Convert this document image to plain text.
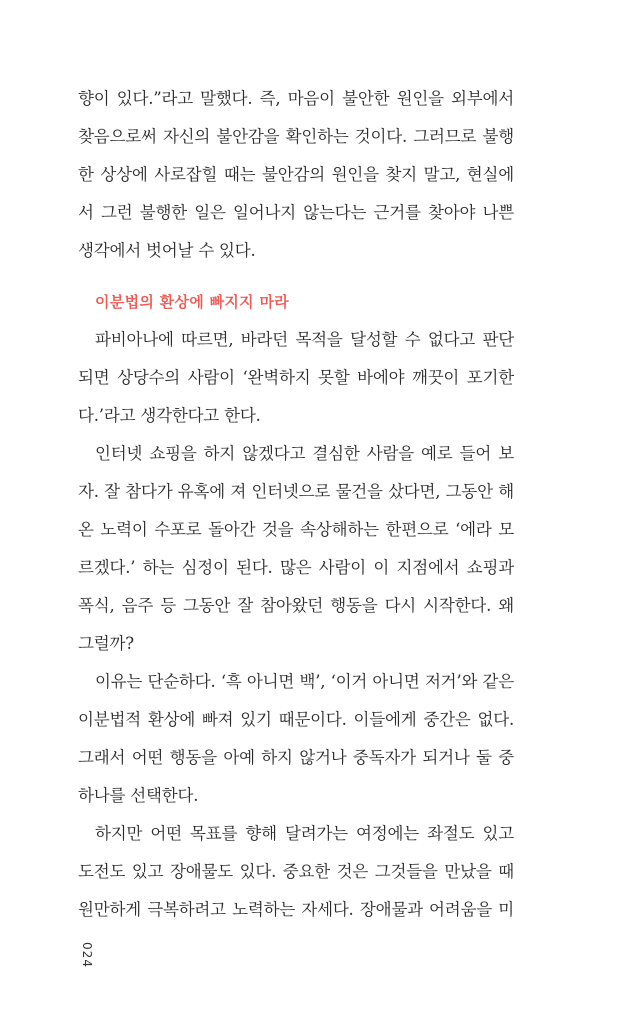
향이 있다.”라고 말했다. 즉, 마음이 불안한 원인을 외부에서
찾음으로써 자신의 불안감을 확인하는 것이다. 그러므로 불행
한 상상에 사로잡힐 때는 불안감의 원인을 찾지 말고, 현실에
서 그런 불행한 일은 일어나지 않는다는 근거를 찾아야 나쁜
생각에서 벗어날 수 있다.
이분법의 환상에 빠지지 마라
파비아나에 따르면, 바라던 목적을 달성할 수 없다고 판단
되면 상당수의 사람이 ‘완벽하지 못할 바에야 깨끗이 포기한
다.’라고 생각한다고 한다.
인터넷 쇼핑을 하지 않겠다고 결심한 사람을 예로 들어 보
자. 잘 참다가 유혹에 져 인터넷으로 물건을 샀다면, 그동안 해
온 노력이 수포로 돌아간 것을 속상해하는 한편으로 ‘에라 모
르겠다.’ 하는 심정이 된다. 많은 사람이 이 지점에서 쇼핑과
폭식, 음주 등 그동안 잘 참아왔던 행동을 다시 시작한다. 왜
그럴까?
이유는 단순하다. ‘흑 아니면 백’, ‘이거 아니면 저거’와 같은
이분법적 환상에 빠져 있기 때문이다. 이들에게 중간은 없다.
그래서 어떤 행동을 아예 하지 않거나 중독자가 되거나 둘 중
하나를 선택한다.
하지만 어떤 목표를 향해 달려가는 여정에는 좌절도 있고
도전도 있고 장애물도 있다. 중요한 것은 그것들을 만났을 때
원만하게 극복하려고 노력하는 자세다. 장애물과 어려움을 미
024
